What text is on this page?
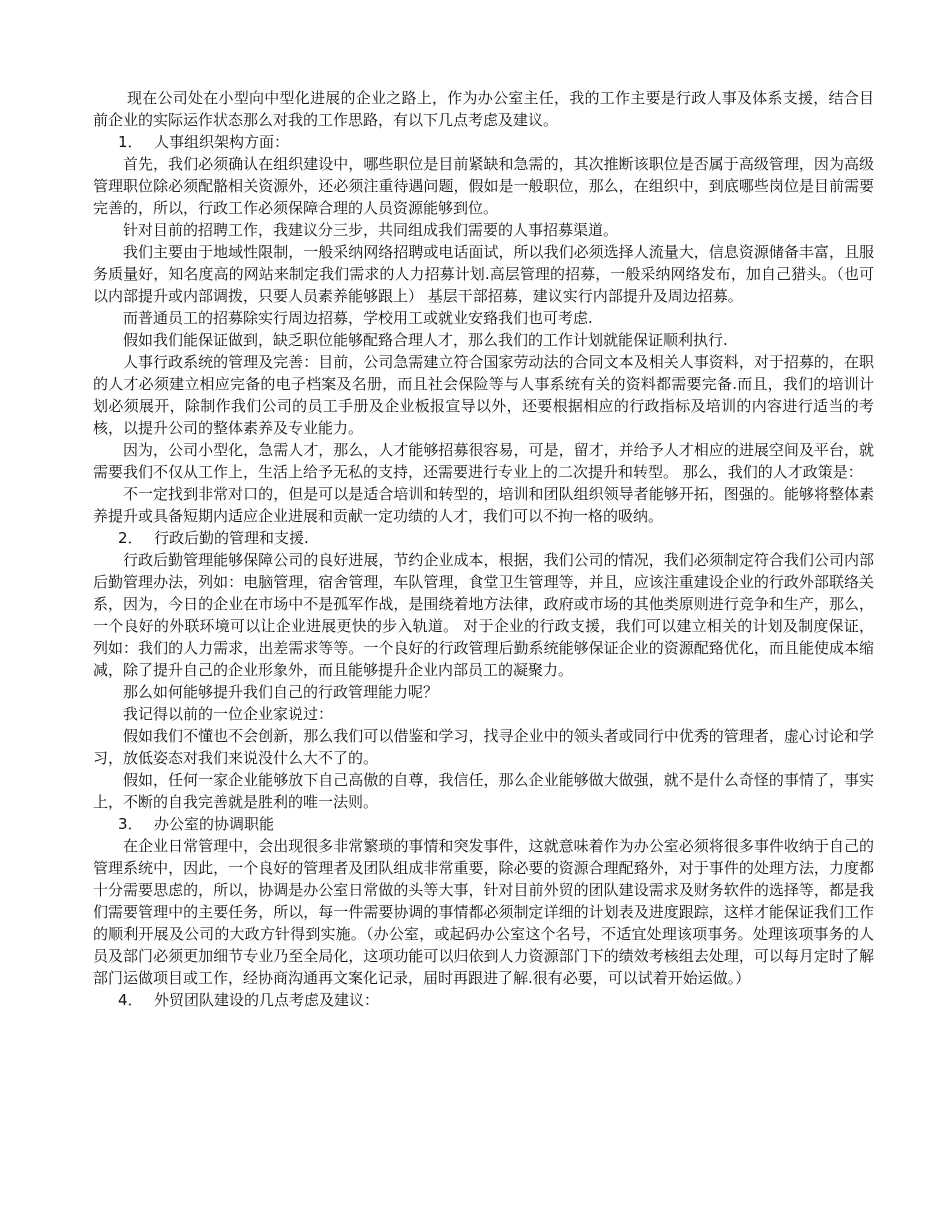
现在公司处在小型向中型化进展的企业之路上，作为办公室主任，我的工作主要是行政人事及体系支援，结合目前企业的实际运作状态那么对我的工作思路，有以下几点考虑及建议。

1． 人事组织架构方面：

首先，我们必须确认在组织建设中，哪些职位是目前紧缺和急需的，其次推断该职位是否属于高级管理，因为高级管理职位除必须配骼相关资源外，还必须注重待遇问题，假如是一般职位，那么，在组织中，到底哪些岗位是目前需要完善的，所以，行政工作必须保障合理的人员资源能够到位。

针对目前的招聘工作，我建议分三步，共同组成我们需要的人事招募渠道。

我们主要由于地域性限制，一般采纳网络招聘或电话面试，所以我们必须选择人流量大，信息资源储备丰富，且服务质量好，知名度高的网站来制定我们需求的人力招募计划.高层管理的招募，一般采纳网络发布，加自己猎头。（也可以内部提升或内部调拨，只要人员素养能够跟上） 基层干部招募，建议实行内部提升及周边招募。

而普通员工的招募除实行周边招募，学校用工或就业安臵我们也可考虑.

假如我们能保证做到，缺乏职位能够配臵合理人才，那么我们的工作计划就能保证顺利执行.

人事行政系统的管理及完善：目前，公司急需建立符合国家劳动法的合同文本及相关人事资料，对于招募的，在职的人才必须建立相应完备的电子档案及名册，而且社会保险等与人事系统有关的资料都需要完备.而且，我们的培训计划必须展开，除制作我们公司的员工手册及企业板报宣导以外，还要根据相应的行政指标及培训的内容进行适当的考核，以提升公司的整体素养及专业能力。

因为，公司小型化，急需人才，那么，人才能够招募很容易，可是，留才，并给予人才相应的进展空间及平台，就需要我们不仅从工作上，生活上给予无私的支持，还需要进行专业上的二次提升和转型。 那么，我们的人才政策是：

不一定找到非常对口的，但是可以是适合培训和转型的，培训和团队组织领导者能够开拓，图强的。能够将整体素养提升或具备短期内适应企业进展和贡献一定功绩的人才，我们可以不拘一格的吸纳。

2． 行政后勤的管理和支援.

行政后勤管理能够保障公司的良好进展，节约企业成本，根据，我们公司的情况，我们必须制定符合我们公司内部后勤管理办法，列如：电脑管理，宿舍管理，车队管理，食堂卫生管理等，并且，应该注重建设企业的行政外部联络关系，因为，今日的企业在市场中不是孤军作战，是围绕着地方法律，政府或市场的其他类原则进行竞争和生产，那么，一个良好的外联环境可以让企业进展更快的步入轨道。 对于企业的行政支援，我们可以建立相关的计划及制度保证，列如：我们的人力需求，出差需求等等。一个良好的行政管理后勤系统能够保证企业的资源配臵优化，而且能使成本缩减，除了提升自己的企业形象外，而且能够提升企业内部员工的凝聚力。

那么如何能够提升我们自己的行政管理能力呢？

我记得以前的一位企业家说过：

假如我们不懂也不会创新，那么我们可以借鉴和学习，找寻企业中的领头者或同行中优秀的管理者，虚心讨论和学习，放低姿态对我们来说没什么大不了的。

假如，任何一家企业能够放下自己高傲的自尊，我信任，那么企业能够做大做强，就不是什么奇怪的事情了，事实上，不断的自我完善就是胜利的唯一法则。

3． 办公室的协调职能

在企业日常管理中，会出现很多非常繁琐的事情和突发事件，这就意味着作为办公室必须将很多事件收纳于自己的管理系统中，因此，一个良好的管理者及团队组成非常重要，除必要的资源合理配臵外，对于事件的处理方法，力度都十分需要思虑的，所以，协调是办公室日常做的头等大事，针对目前外贸的团队建设需求及财务软件的选择等，都是我们需要管理中的主要任务，所以，每一件需要协调的事情都必须制定详细的计划表及进度跟踪，这样才能保证我们工作的顺利开展及公司的大政方针得到实施。（办公室，或起码办公室这个名号，不适宜处理该项事务。处理该项事务的人员及部门必须更加细节专业乃至全局化，这项功能可以归依到人力资源部门下的绩效考核组去处理，可以每月定时了解部门运做项目或工作，经协商沟通再文案化记录，届时再跟进了解.很有必要，可以试着开始运做。）

4． 外贸团队建设的几点考虑及建议：
